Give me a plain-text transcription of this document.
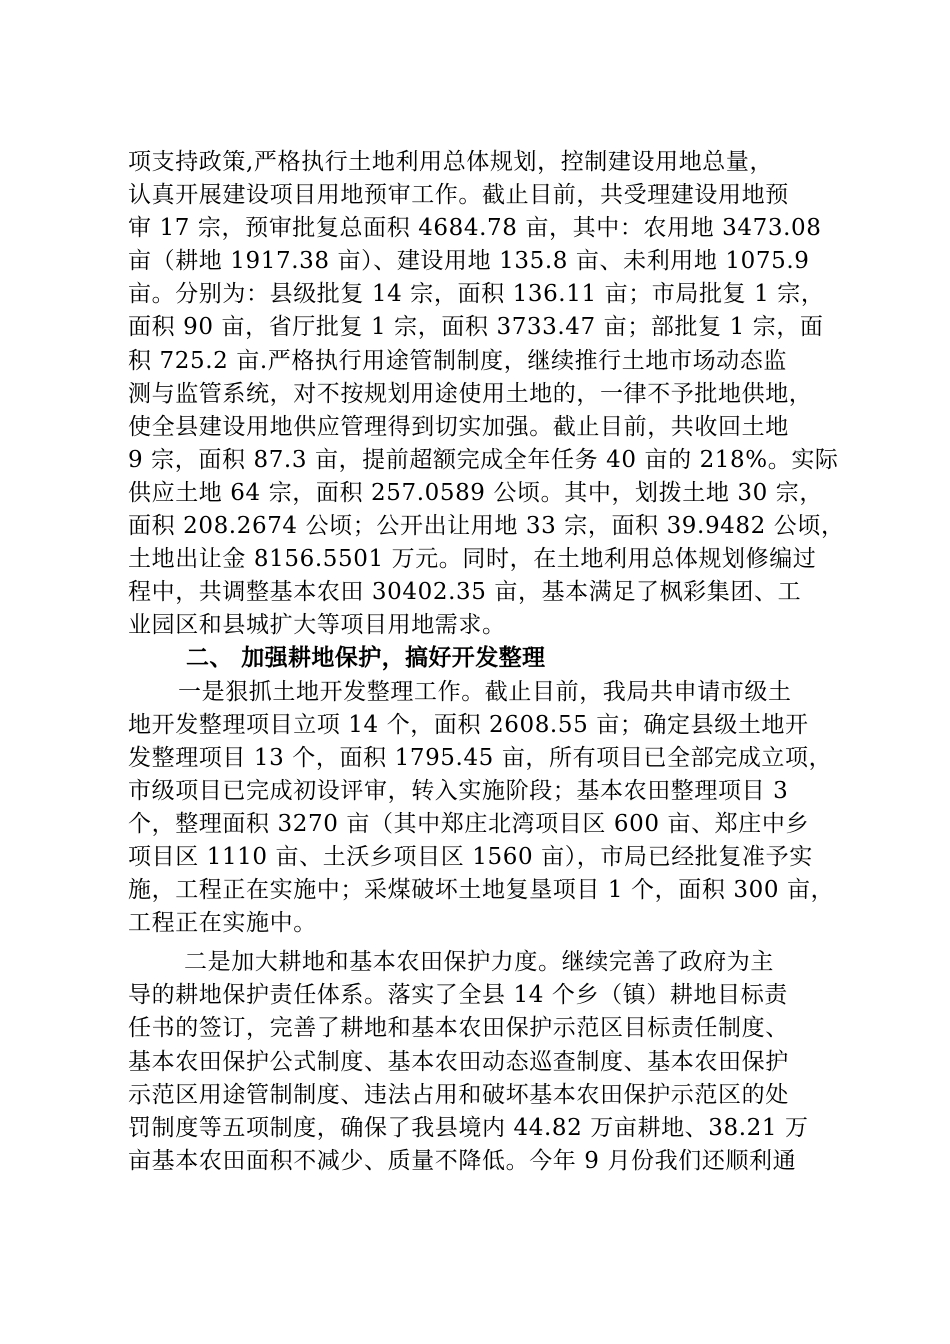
项支持政策,严格执行土地利用总体规划，控制建设用地总量，
认真开展建设项目用地预审工作。截止目前，共受理建设用地预
审 17 宗，预审批复总面积 4684.78 亩，其中：农用地 3473.08
亩（耕地 1917.38 亩）、建设用地 135.8 亩、未利用地 1075.9
亩。分别为：县级批复 14 宗，面积 136.11 亩；市局批复 1 宗，
面积 90 亩，省厅批复 1 宗，面积 3733.47 亩；部批复 1 宗，面
积 725.2 亩.严格执行用途管制制度，继续推行土地市场动态监
测与监管系统，对不按规划用途使用土地的，一律不予批地供地，
使全县建设用地供应管理得到切实加强。截止目前，共收回土地
9 宗，面积 87.3 亩，提前超额完成全年任务 40 亩的 218%。实际
供应土地 64 宗，面积 257.0589 公顷。其中，划拨土地 30 宗，
面积 208.2674 公顷；公开出让用地 33 宗，面积 39.9482 公顷，
土地出让金 8156.5501 万元。同时，在土地利用总体规划修编过
程中，共调整基本农田 30402.35 亩，基本满足了枫彩集团、工
业园区和县城扩大等项目用地需求。
二、 加强耕地保护，搞好开发整理
一是狠抓土地开发整理工作。截止目前，我局共申请市级土
地开发整理项目立项 14 个，面积 2608.55 亩；确定县级土地开
发整理项目 13 个，面积 1795.45 亩，所有项目已全部完成立项，
市级项目已完成初设评审，转入实施阶段；基本农田整理项目 3
个，整理面积 3270 亩（其中郑庄北湾项目区 600 亩、郑庄中乡
项目区 1110 亩、土沃乡项目区 1560 亩），市局已经批复准予实
施，工程正在实施中；采煤破坏土地复垦项目 1 个，面积 300 亩，
工程正在实施中。
二是加大耕地和基本农田保护力度。继续完善了政府为主
导的耕地保护责任体系。落实了全县 14 个乡（镇）耕地目标责
任书的签订，完善了耕地和基本农田保护示范区目标责任制度、
基本农田保护公式制度、基本农田动态巡查制度、基本农田保护
示范区用途管制制度、违法占用和破坏基本农田保护示范区的处
罚制度等五项制度，确保了我县境内 44.82 万亩耕地、38.21 万
亩基本农田面积不减少、质量不降低。今年 9 月份我们还顺利通
